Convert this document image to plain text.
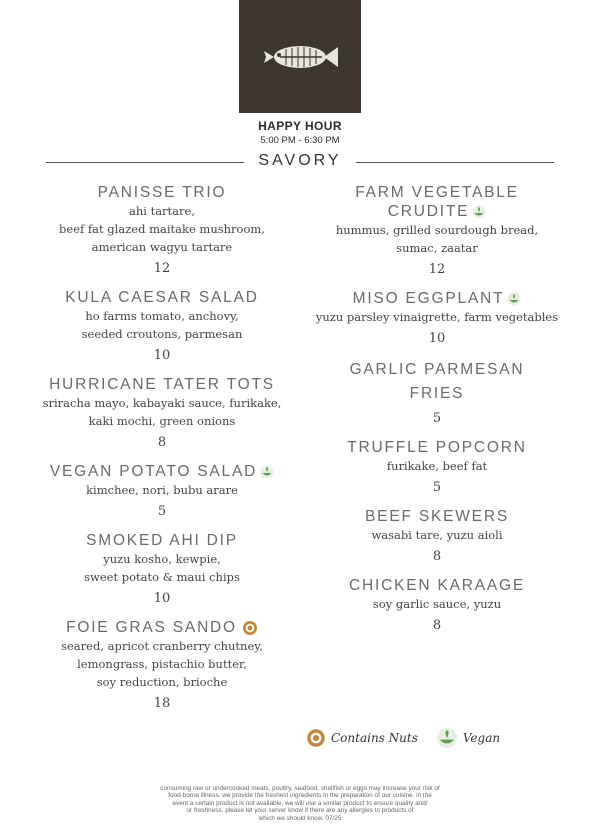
HAPPY HOUR
5:00 PM - 6:30 PM
SAVORY
PANISSE TRIO
ahi tartare,
beef fat glazed maitake mushroom,
american wagyu tartare
12
KULA CAESAR SALAD
ho farms tomato, anchovy,
seeded croutons, parmesan
10
HURRICANE TATER TOTS
sriracha mayo, kabayaki sauce, furikake,
kaki mochi, green onions
8
VEGAN POTATO SALAD
kimchee, nori, bubu arare
5
SMOKED AHI DIP
yuzu kosho, kewpie,
sweet potato & maui chips
10
FOIE GRAS SANDO
seared, apricot cranberry chutney,
lemongrass, pistachio butter,
soy reduction, brioche
18
FARM VEGETABLE
CRUDITE
hummus, grilled sourdough bread,
sumac, zaatar
12
MISO EGGPLANT
yuzu parsley vinaigrette, farm vegetables
10
GARLIC PARMESAN
FRIES
5
TRUFFLE POPCORN
furikake, beef fat
5
BEEF SKEWERS
wasabi tare, yuzu aioli
8
CHICKEN KARAAGE
soy garlic sauce, yuzu
8
Contains Nuts	Vegan
consuming raw or undercooked meats, poultry, seafood, shellfish or eggs may increase your risk of
food-borne illness. we provide the freshest ingredients in the preparation of our cuisine. in the
event a certain product is not available, we will use a similar product to ensure quality and/
or freshness. please let your server know if there are any allergies to products of
which we should know. 07/25
